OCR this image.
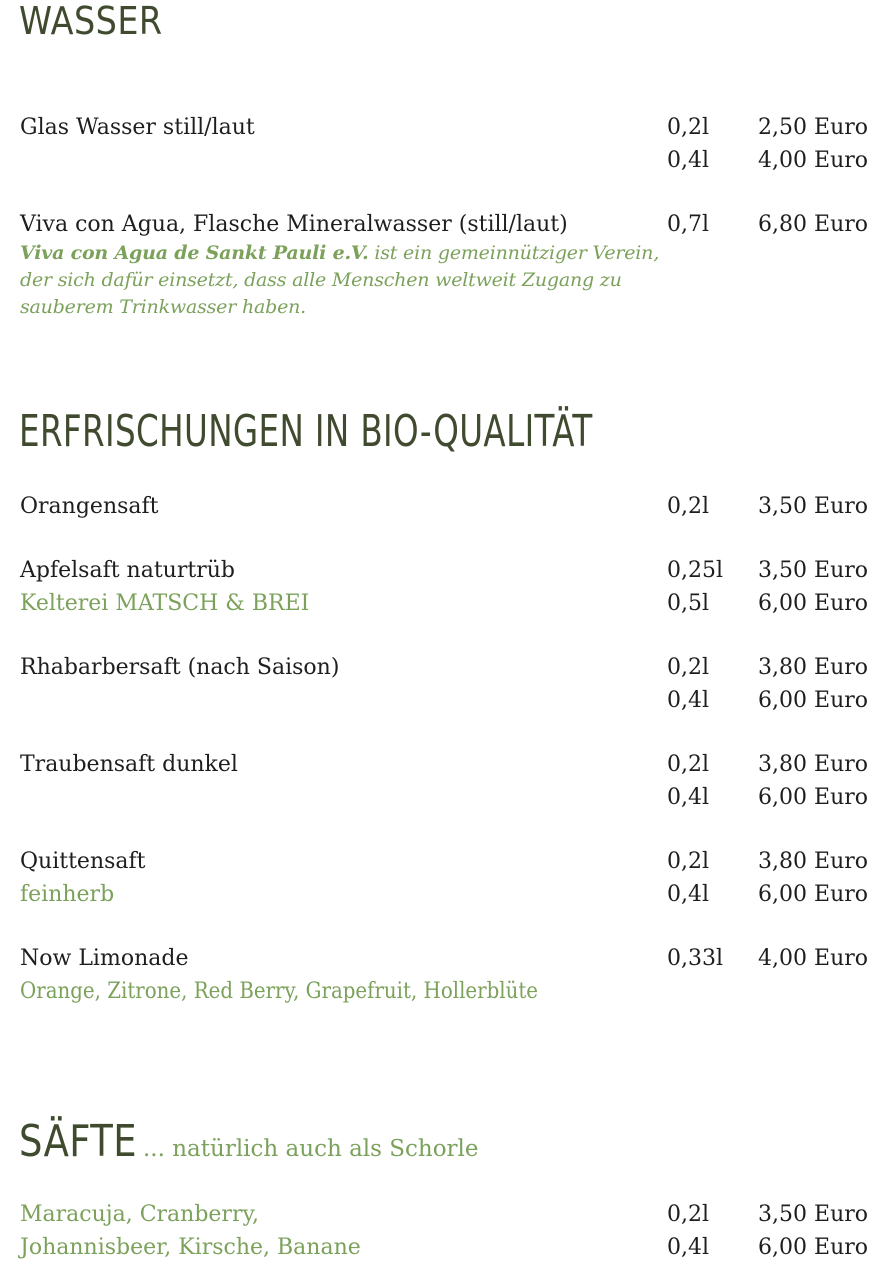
WASSER
Glas Wasser still/laut	0,2l 2,50 Euro
0,4l 4,00 Euro
Viva con Agua, Flasche Mineralwasser (still/laut)	0,7l 6,80 Euro

Viva con Agua de Sankt Pauli e.V. ist ein gemeinnütziger Verein, der sich dafür einsetzt, dass alle Menschen weltweit Zugang zu sauberem Trinkwasser haben.

ERFRISCHUNGEN IN BIO-QUALITÄT
Orangensaft	0,2l 3,50 Euro
Apfelsaft naturtrüb	0,25l 3,50 Euro
Kelterei MATSCH & BREI	0,5l 6,00 Euro
Rhabarbersaft (nach Saison)	0,2l 3,80 Euro
0,4l 6,00 Euro
Traubensaft dunkel	0,2l 3,80 Euro
0,4l 6,00 Euro
Quittensaft	0,2l 3,80 Euro
feinherb	0,4l 6,00 Euro
Now Limonade	0,33l 4,00 Euro
Orange, Zitrone, Red Berry, Grapefruit, Hollerblüte
SÄFTE ... natürlich auch als Schorle
Maracuja, Cranberry,	0,2l 3,50 Euro
Johannisbeer, Kirsche, Banane	0,4l 6,00 Euro
